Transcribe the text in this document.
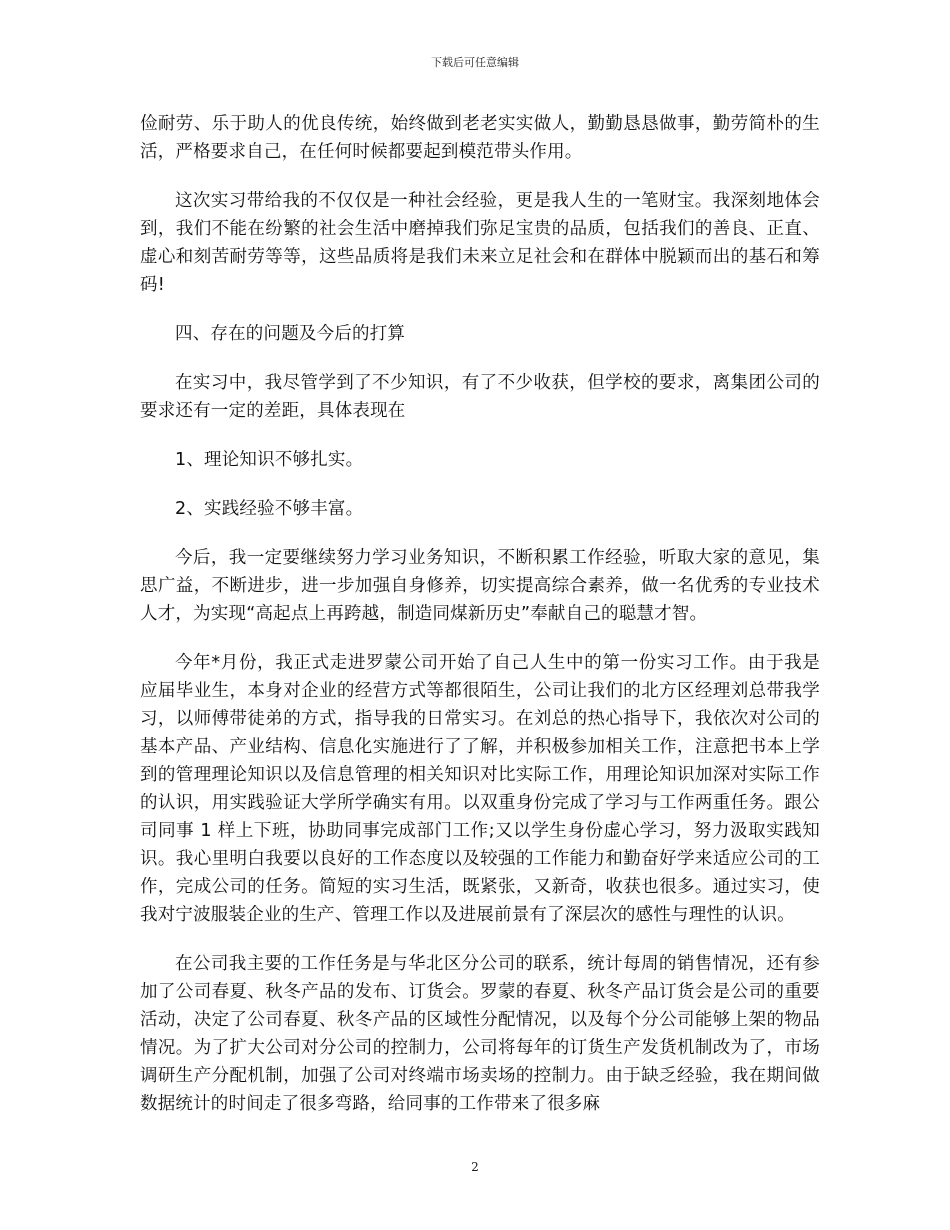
下载后可任意编辑

俭耐劳、乐于助人的优良传统，始终做到老老实实做人，勤勤恳恳做事，勤劳简朴的生活，严格要求自己，在任何时候都要起到模范带头作用。

这次实习带给我的不仅仅是一种社会经验，更是我人生的一笔财宝。我深刻地体会到，我们不能在纷繁的社会生活中磨掉我们弥足宝贵的品质，包括我们的善良、正直、虚心和刻苦耐劳等等，这些品质将是我们未来立足社会和在群体中脱颖而出的基石和筹码!

四、存在的问题及今后的打算

在实习中，我尽管学到了不少知识，有了不少收获，但学校的要求，离集团公司的要求还有一定的差距，具体表现在

1、理论知识不够扎实。

2、实践经验不够丰富。

今后，我一定要继续努力学习业务知识，不断积累工作经验，听取大家的意见，集思广益，不断进步，进一步加强自身修养，切实提高综合素养，做一名优秀的专业技术人才，为实现“高起点上再跨越，制造同煤新历史”奉献自己的聪慧才智。

今年*月份，我正式走进罗蒙公司开始了自己人生中的第一份实习工作。由于我是应届毕业生，本身对企业的经营方式等都很陌生，公司让我们的北方区经理刘总带我学习，以师傅带徒弟的方式，指导我的日常实习。在刘总的热心指导下，我依次对公司的基本产品、产业结构、信息化实施进行了了解，并积极参加相关工作，注意把书本上学到的管理理论知识以及信息管理的相关知识对比实际工作，用理论知识加深对实际工作的认识，用实践验证大学所学确实有用。以双重身份完成了学习与工作两重任务。跟公司同事 1 样上下班，协助同事完成部门工作;又以学生身份虚心学习，努力汲取实践知识。我心里明白我要以良好的工作态度以及较强的工作能力和勤奋好学来适应公司的工作，完成公司的任务。简短的实习生活，既紧张，又新奇，收获也很多。通过实习，使我对宁波服装企业的生产、管理工作以及进展前景有了深层次的感性与理性的认识。

在公司我主要的工作任务是与华北区分公司的联系，统计每周的销售情况，还有参加了公司春夏、秋冬产品的发布、订货会。罗蒙的春夏、秋冬产品订货会是公司的重要活动，决定了公司春夏、秋冬产品的区域性分配情况，以及每个分公司能够上架的物品情况。为了扩大公司对分公司的控制力，公司将每年的订货生产发货机制改为了，市场调研生产分配机制，加强了公司对终端市场卖场的控制力。由于缺乏经验，我在期间做数据统计的时间走了很多弯路，给同事的工作带来了很多麻

2
